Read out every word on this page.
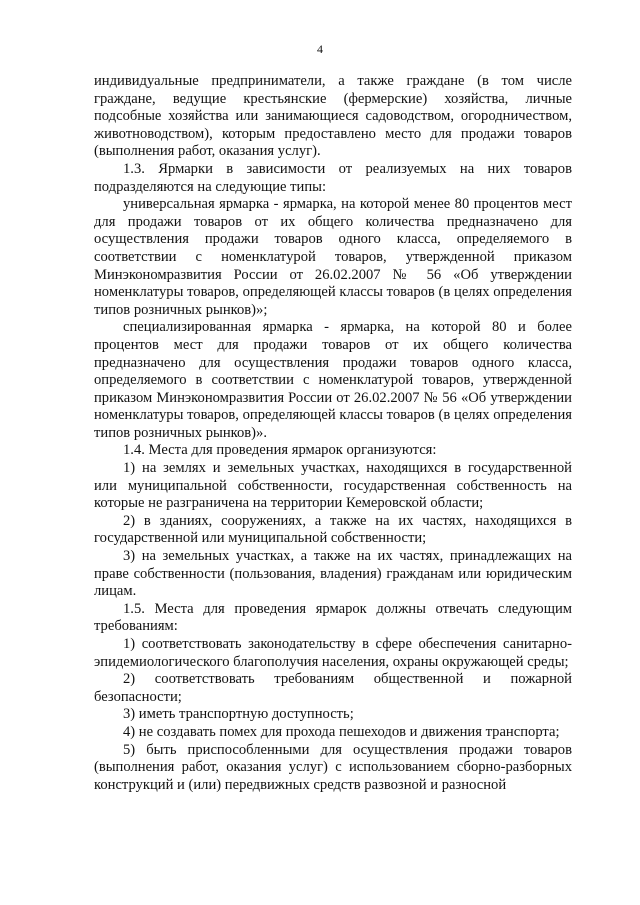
4

индивидуальные предприниматели, а также граждане (в том числе граждане, ведущие крестьянские (фермерские) хозяйства, личные подсобные хозяйства или занимающиеся садоводством, огородничеством, животноводством), которым предоставлено место для продажи товаров (выполнения работ, оказания услуг).

1.3. Ярмарки в зависимости от реализуемых на них товаров подразделяются на следующие типы:

универсальная ярмарка - ярмарка, на которой менее 80 процентов мест для продажи товаров от их общего количества предназначено для осуществления продажи товаров одного класса, определяемого в соответствии с номенклатурой товаров, утвержденной приказом Минэкономразвития России от 26.02.2007 № 56 «Об утверждении номенклатуры товаров, определяющей классы товаров (в целях определения типов розничных рынков)»;

специализированная ярмарка - ярмарка, на которой 80 и более процентов мест для продажи товаров от их общего количества предназначено для осуществления продажи товаров одного класса, определяемого в соответствии с номенклатурой товаров, утвержденной приказом Минэкономразвития России от 26.02.2007 № 56 «Об утверждении номенклатуры товаров, определяющей классы товаров (в целях определения типов розничных рынков)».

1.4. Места для проведения ярмарок организуются:

1) на землях и земельных участках, находящихся в государственной или муниципальной собственности, государственная собственность на которые не разграничена на территории Кемеровской области;

2) в зданиях, сооружениях, а также на их частях, находящихся в государственной или муниципальной собственности;

3) на земельных участках, а также на их частях, принадлежащих на праве собственности (пользования, владения) гражданам или юридическим лицам.

1.5. Места для проведения ярмарок должны отвечать следующим требованиям:

1) соответствовать законодательству в сфере обеспечения санитарно-эпидемиологического благополучия населения, охраны окружающей среды;

2) соответствовать требованиям общественной и пожарной безопасности;

3) иметь транспортную доступность;

4) не создавать помех для прохода пешеходов и движения транспорта;

5) быть приспособленными для осуществления продажи товаров (выполнения работ, оказания услуг) с использованием сборно-разборных конструкций и (или) передвижных средств развозной и разносной
